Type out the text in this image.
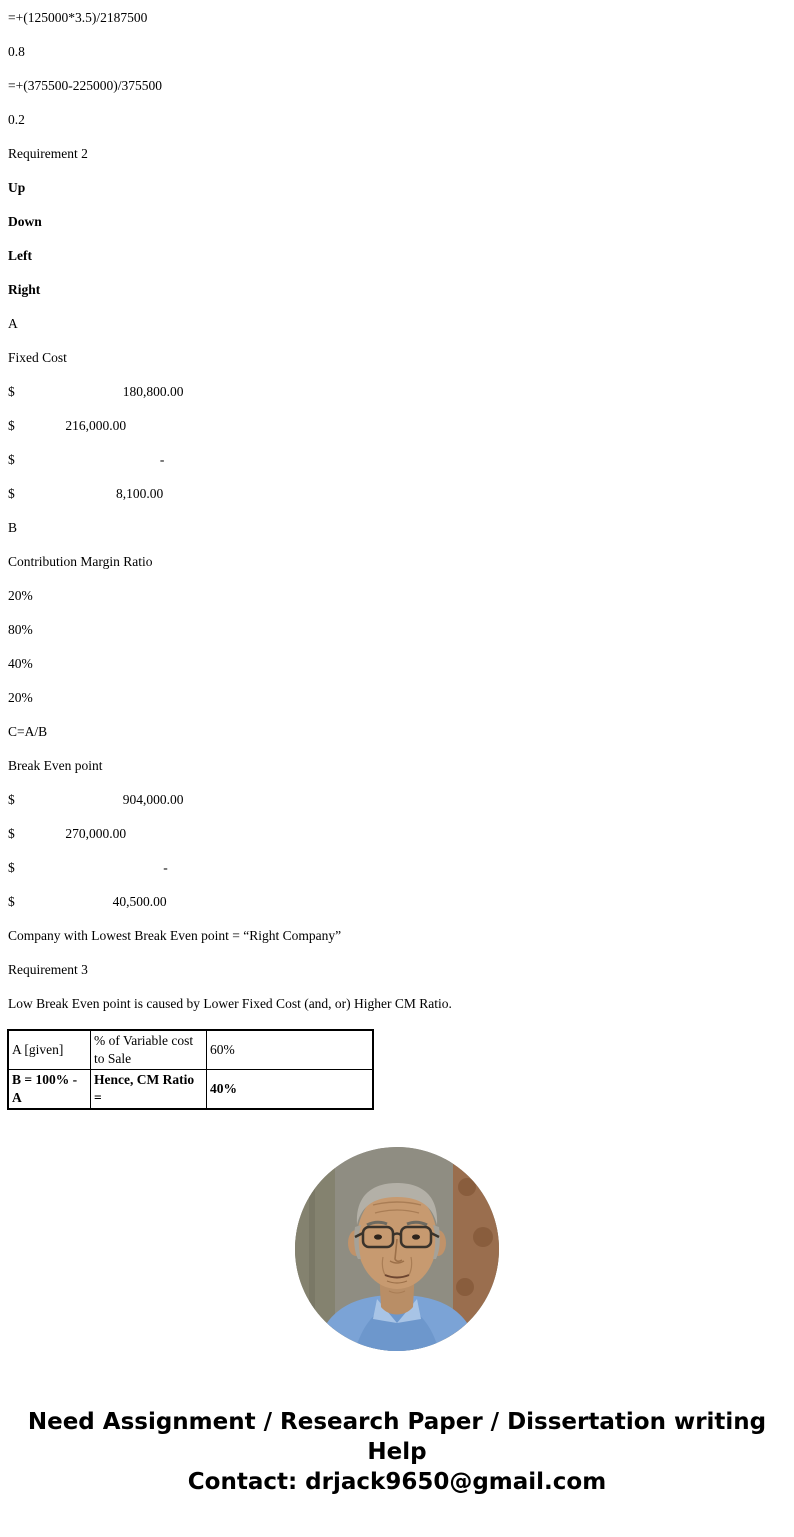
=+(125000*3.5)/2187500

0.8

=+(375500-225000)/375500

0.2

Requirement 2

Up

Down

Left

Right

A

Fixed Cost

$                                180,800.00

$               216,000.00

$                                           -

$                              8,100.00

B

Contribution Margin Ratio

20%

80%

40%

20%

C=A/B

Break Even point

$                                904,000.00

$               270,000.00

$                                            -

$                             40,500.00

Company with Lowest Break Even point = “Right Company”

Requirement 3

Low Break Even point is caused by Lower Fixed Cost (and, or) Higher CM Ratio.

A [given]	% of Variable cost to Sale	60%
B = 100% - A	Hence, CM Ratio =	40%

Need Assignment / Research Paper / Dissertation writing Help

Contact: drjack9650@gmail.com
